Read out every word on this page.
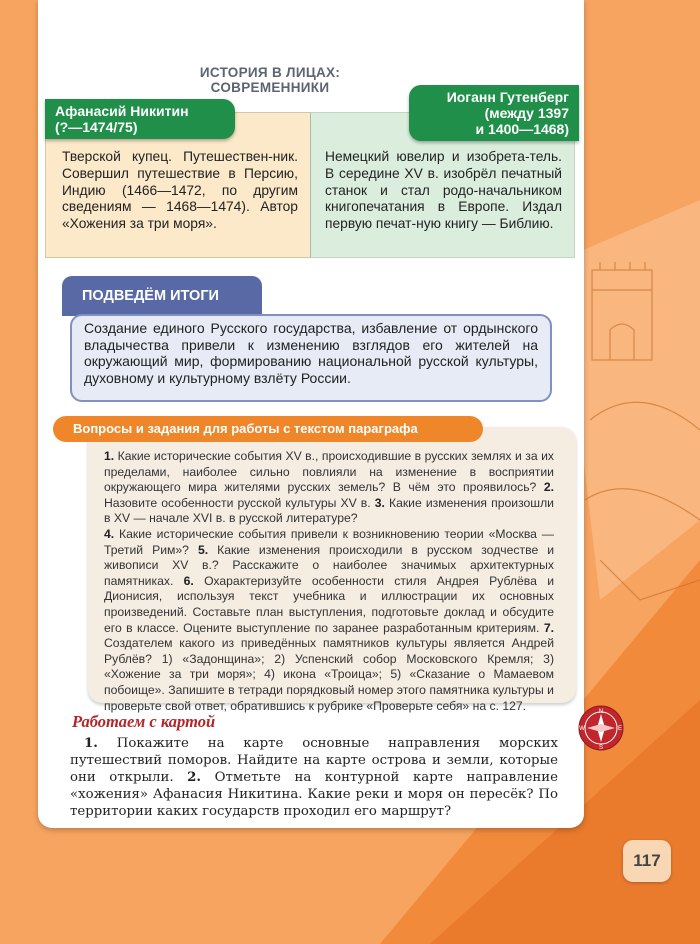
ИСТОРИЯ В ЛИЦАХ: СОВРЕМЕННИКИ
Тверской купец. Путешествен-ник. Совершил путешествие в Персию, Индию (1466—1472, по другим сведениям — 1468—1474). Автор «Хожения за три моря».
Немецкий ювелир и изобрета-тель. В середине XV в. изобрёл печатный станок и стал родо-начальником книгопечатания в Европе. Издал первую печат-ную книгу — Библию.
Афанасий Никитин
(?—1474/75)
Иоганн Гутенберг
(между 1397
и 1400—1468)
ПОДВЕДЁМ ИТОГИ
Создание единого Русского государства, избавление от ордынского владычества привели к изменению взглядов его жителей на окружающий мир, формированию национальной русской культуры, духовному и культурному взлёту России.
1. Какие исторические события XV в., происходившие в русских землях и за их пределами, наиболее сильно повлияли на изменение в восприятии окружающего мира жителями русских земель? В чём это проявилось? 2. Назовите особенности русской культуры XV в. 3. Какие изменения произошли в XV — начале XVI в. в русской литературе?
4. Какие исторические события привели к возникновению теории «Москва — Третий Рим»? 5. Какие изменения происходили в русском зодчестве и живописи XV в.? Расскажите о наиболее значимых архитектурных памятниках. 6. Охарактеризуйте особенности стиля Андрея Рублёва и Дионисия, используя текст учебника и иллюстрации их основных произведений. Составьте план выступления, подготовьте доклад и обсудите его в классе. Оцените выступление по заранее разработанным критериям. 7. Создателем какого из приведённых памятников культуры является Андрей Рублёв? 1) «Задонщина»; 2) Успенский собор Московского Кремля; 3) «Хожение за три моря»; 4) икона «Троица»; 5) «Сказание о Мамаевом побоище». Запишите в тетради порядковый номер этого памятника культуры и проверьте свой ответ, обратившись к рубрике «Проверьте себя» на с. 127.
Вопросы и задания для работы с текстом параграфа
Работаем с картой
1. Покажите на карте основные направления морских путешествий поморов. Найдите на карте острова и земли, которые они открыли. 2. Отметьте на контурной карте направление «хожения» Афанасия Никитина. Какие реки и моря он пересёк? По территории каких государств проходил его маршрут?
N
S
E
W
117
